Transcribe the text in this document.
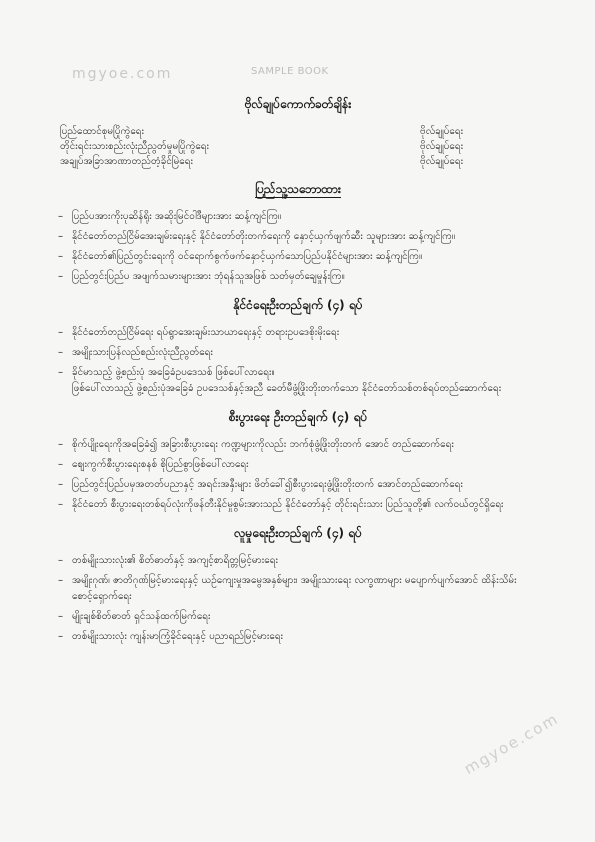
mgyoe.com	SAMPLE BOOK
mgyoe.com
ဗိုလ်ချုပ်ကောက်ခတ်ချိန်း
ပြည်ထောင်စုမပြိုကွဲရေး	ဗိုလ်ချုပ်ရေး
တိုင်းရင်းသားစည်းလုံးညီညွတ်မှုမပြိုကွဲရေး	ဗိုလ်ချုပ်ရေး
အချုပ်အခြာအာဏာတည်တံ့ခိုင်မြဲရေး	ဗိုလ်ချုပ်ရေး
ပြည်သူ့သဘောထား
– ပြည်ပအားကိုးပုဆိန်ရိုး အဆိုးမြင်ဝါဒီများအား ဆန့်ကျင်ကြ။
– နိုင်ငံတော်တည်ငြိမ်အေးချမ်းရေးနှင့် နိုင်ငံတော်တိုးတက်ရေးကို နှောင့်ယှက်ဖျက်ဆီး သူများအား ဆန့်ကျင်ကြ။
– နိုင်ငံတော်၏ပြည်တွင်းရေးကို ဝင်ရောက်စွက်ဖက်နှောင့်ယှက်သောပြည်ပနိုင်ငံများအား ဆန့်ကျင်ကြ။
– ပြည်တွင်းပြည်ပ အဖျက်သမားများအား ဘုံရန်သူအဖြစ် သတ်မှတ်ချေမှုန်းကြ။
နိုင်ငံရေးဦးတည်ချက် (၄) ရပ်
– နိုင်ငံတော်တည်ငြိမ်ရေး ရပ်ရွာအေးချမ်းသာယာရေးနှင့် တရားဥပဒေစိုးမိုးရေး
– အမျိုးသားပြန်လည်စည်းလုံးညီညွတ်ရေး
– ခိုင်မာသည့် ဖွဲ့စည်းပုံ အခြေခံဥပဒေသစ် ဖြစ်ပေါ်လာရေး။
ဖြစ်ပေါ်လာသည့် ဖွဲ့စည်းပုံအခြေခံ ဥပဒေသစ်နှင့်အညီ ခေတ်မီဖွံ့ဖြိုးတိုးတက်သော နိုင်ငံတော်သစ်တစ်ရပ်တည်ဆောက်ရေး
စီးပွားရေး ဦးတည်ချက် (၄) ရပ်
– စိုက်ပျိုးရေးကိုအခြေခံ၍ အခြားစီးပွားရေး ကဏ္ဍများကိုလည်း ဘက်စုံဖွံ့ဖြိုးတိုးတက် အောင် တည်ဆောက်ရေး
– ဈေးကွက်စီးပွားရေးစနစ် စိုပြည်စွာဖြစ်ပေါ်လာရေး
– ပြည်တွင်းပြည်ပမှအတတ်ပညာနှင့် အရင်းအနှီးများ ဖိတ်ခေါ်၍စီးပွားရေးဖွံ့ဖြိုးတိုးတက် အောင်တည်ဆောက်ရေး
– နိုင်ငံတော် စီးပွားရေးတစ်ရပ်လုံးကိုဖန်တီးနိုင်မှုစွမ်းအားသည် နိုင်ငံတော်နှင့် တိုင်းရင်းသား ပြည်သူတို့၏ လက်ဝယ်တွင်ရှိရေး
လူမှုရေးဦးတည်ချက် (၄) ရပ်
– တစ်မျိုးသားလုံး၏ စိတ်ဓာတ်နှင့် အကျင့်စာရိတ္တမြင့်မားရေး
– အမျိုးဂုဏ်၊ ဇာတိဂုဏ်မြင့်မားရေးနှင့် ယဉ်ကျေးမှုအမွေအနှစ်များ၊ အမျိုးသားရေး လက္ခဏာများ မပျောက်ပျက်အောင် ထိန်းသိမ်းစောင့်ရှောက်ရေး
– မျိုးချစ်စိတ်ဓာတ် ရှင်သန်ထက်မြက်ရေး
– တစ်မျိုးသားလုံး ကျန်းမာကြံ့ခိုင်ရေးနှင့် ပညာရည်မြင့်မားရေး
